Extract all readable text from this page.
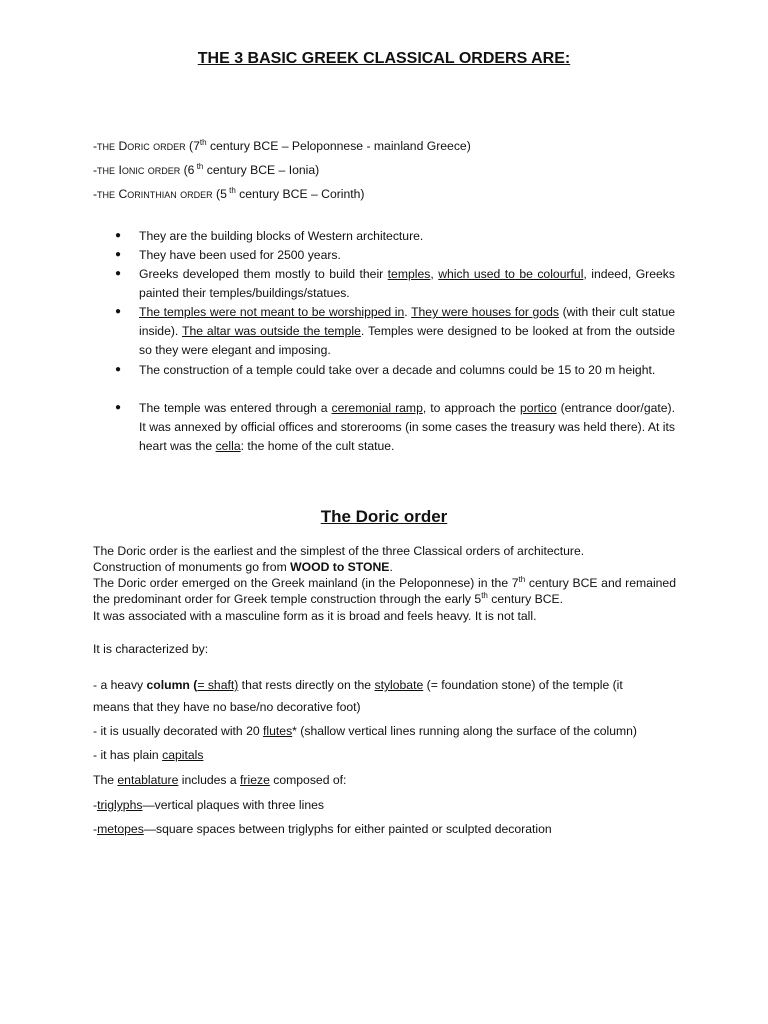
THE 3 BASIC GREEK CLASSICAL ORDERS ARE:
-the Doric order (7th century BCE – Peloponnese - mainland Greece)
-the Ionic order (6 $^{th}$ century BCE – Ionia)
-the Corinthian order (5 $^{th}$ century BCE – Corinth)
● They are the building blocks of Western architecture.
● They have been used for 2500 years.
● Greeks developed them mostly to build their temples, which used to be colourful, indeed, Greeks painted their temples/buildings/statues.
● The temples were not meant to be worshipped in. They were houses for gods (with their cult statue inside). The altar was outside the temple. Temples were designed to be looked at from the outside so they were elegant and imposing.
● The construction of a temple could take over a decade and columns could be 15 to 20 m height.
● The temple was entered through a ceremonial ramp, to approach the portico (entrance door/gate). It was annexed by official offices and storerooms (in some cases the treasury was held there). At its heart was the cella: the home of the cult statue.
The Doric order
The Doric order is the earliest and the simplest of the three Classical orders of architecture.
Construction of monuments go from WOOD to STONE.
The Doric order emerged on the Greek mainland (in the Peloponnese) in the 7th century BCE and remained the predominant order for Greek temple construction through the early 5th century BCE.
It was associated with a masculine form as it is broad and feels heavy. It is not tall.
It is characterized by:
- a heavy column (= shaft) that rests directly on the stylobate (= foundation stone) of the temple (it
means that they have no base/no decorative foot)
- it is usually decorated with 20 flutes* (shallow vertical lines running along the surface of the column)
- it has plain capitals
The entablature includes a frieze composed of:
-triglyphs—vertical plaques with three lines
-metopes—square spaces between triglyphs for either painted or sculpted decoration
